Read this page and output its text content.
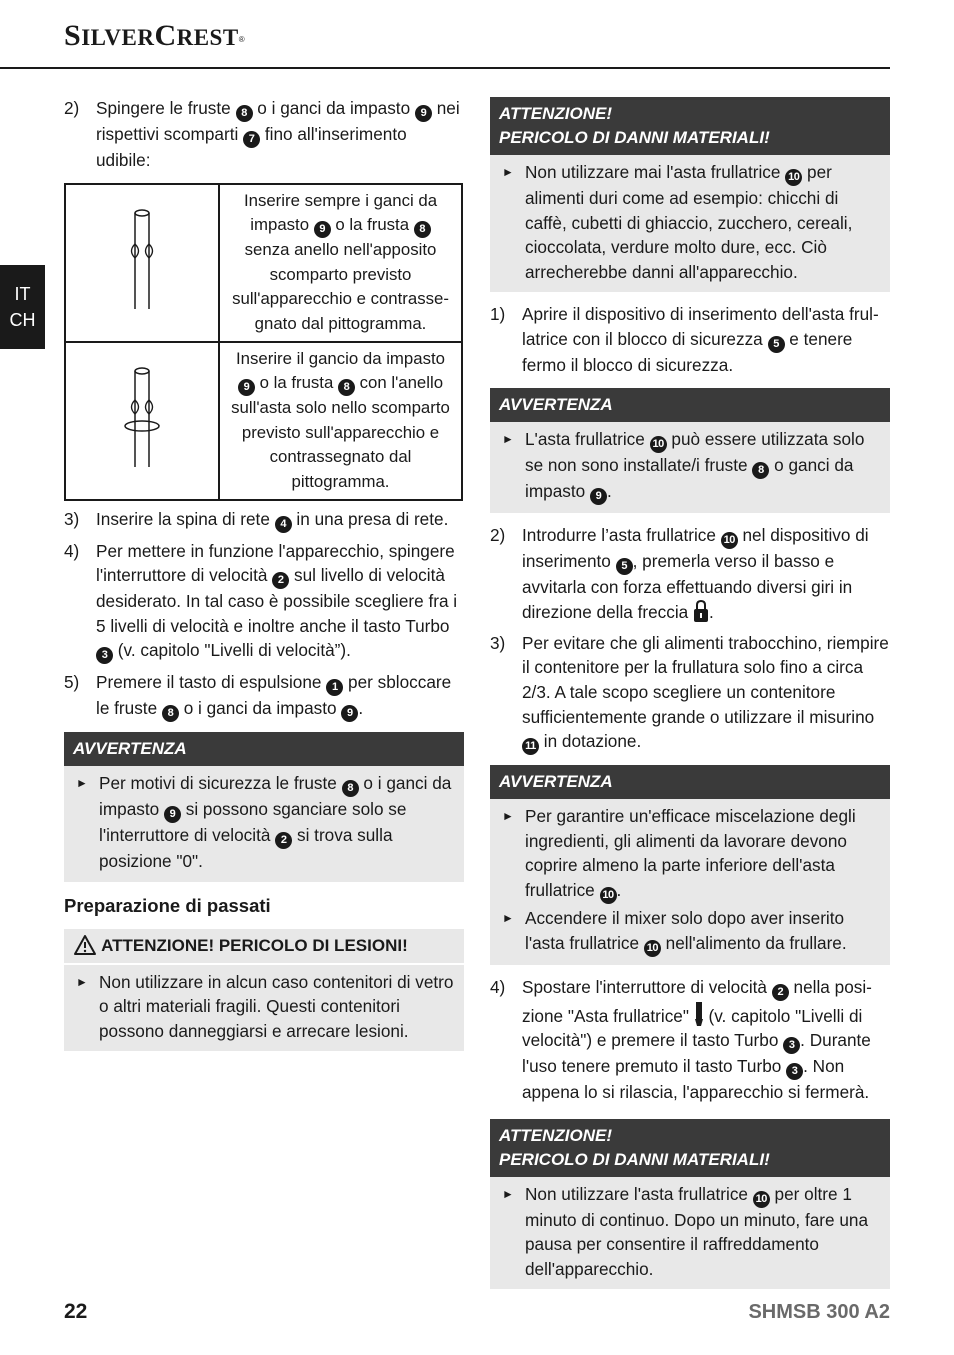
SILVERCREST®
IT
CH
2) Spingere le fruste 8 o i ganci da impasto 9 nei rispettivi scomparti 7 fino all'inserimento udibile:
	Inserire sempre i ganci da impasto 9 o la frusta 8 senza anello nell'apposito scomparto previsto sull'apparecchio e contrasse-gnato dal pittogramma.
	Inserire il gancio da impasto 9 o la frusta 8 con l'anello sull'asta solo nello scomparto previsto sull'apparecchio e contrassegnato dal pittogramma.
3) Inserire la spina di rete 4 in una presa di rete.
4) Per mettere in funzione l'apparecchio, spingere l'interruttore di velocità 2 sul livello di velocità desiderato. In tal caso è possibile scegliere fra i 5 livelli di velocità e inoltre anche il tasto Turbo 3 (v. capitolo "Livelli di velocità”).
5) Premere il tasto di espulsione 1 per sbloccare le fruste 8 o i ganci da impasto 9 .
AVVERTENZA
► Per motivi di sicurezza le fruste 8 o i ganci da impasto 9 si possono sganciare solo se l'interruttore di velocità 2 si trova sulla posizione "0".
Preparazione di passati
ATTENZIONE! PERICOLO DI LESIONI!
► Non utilizzare in alcun caso contenitori di vetro o altri materiali fragili. Questi contenitori possono danneggiarsi e arrecare lesioni.
ATTENZIONE!
PERICOLO DI DANNI MATERIALI!
► Non utilizzare mai l'asta frullatrice 10 per alimenti duri come ad esempio: chicchi di caffè, cubetti di ghiaccio, zucchero, cereali, cioccolata, verdure molto dure, ecc. Ciò arrecherebbe danni all'apparecchio.
1) Aprire il dispositivo di inserimento dell'asta frul-latrice con il blocco di sicurezza 5 e tenere fermo il blocco di sicurezza.
AVVERTENZA
► L'asta frullatrice 10 può essere utilizzata solo se non sono installate/i fruste 8 o ganci da impasto 9 .
2) Introdurre l’asta frullatrice 10 nel dispositivo di inserimento 5 , premerla verso il basso e avvitarla con forza effettuando diversi giri in direzione della freccia .
3) Per evitare che gli alimenti trabocchino, riempire il contenitore per la frullatura solo fino a circa 2/3. A tale scopo scegliere un contenitore sufficientemente grande o utilizzare il misurino 11 in dotazione.
AVVERTENZA
► Per garantire un'efficace miscelazione degli ingredienti, gli alimenti da lavorare devono coprire almeno la parte inferiore dell'asta frullatrice 10 .
► Accendere il mixer solo dopo aver inserito l'asta frullatrice 10 nell'alimento da frullare.
4) Spostare l'interruttore di velocità 2 nella posi-zione "Asta frullatrice"  (v. capitolo "Livelli di velocità") e premere il tasto Turbo 3 . Durante l'uso tenere premuto il tasto Turbo 3 . Non appena lo si rilascia, l'apparecchio si fermerà.
ATTENZIONE!
PERICOLO DI DANNI MATERIALI!
► Non utilizzare l'asta frullatrice 10 per oltre 1 minuto di continuo. Dopo un minuto, fare una pausa per consentire il raffreddamento dell'apparecchio.
22	SHMSB 300 A2
